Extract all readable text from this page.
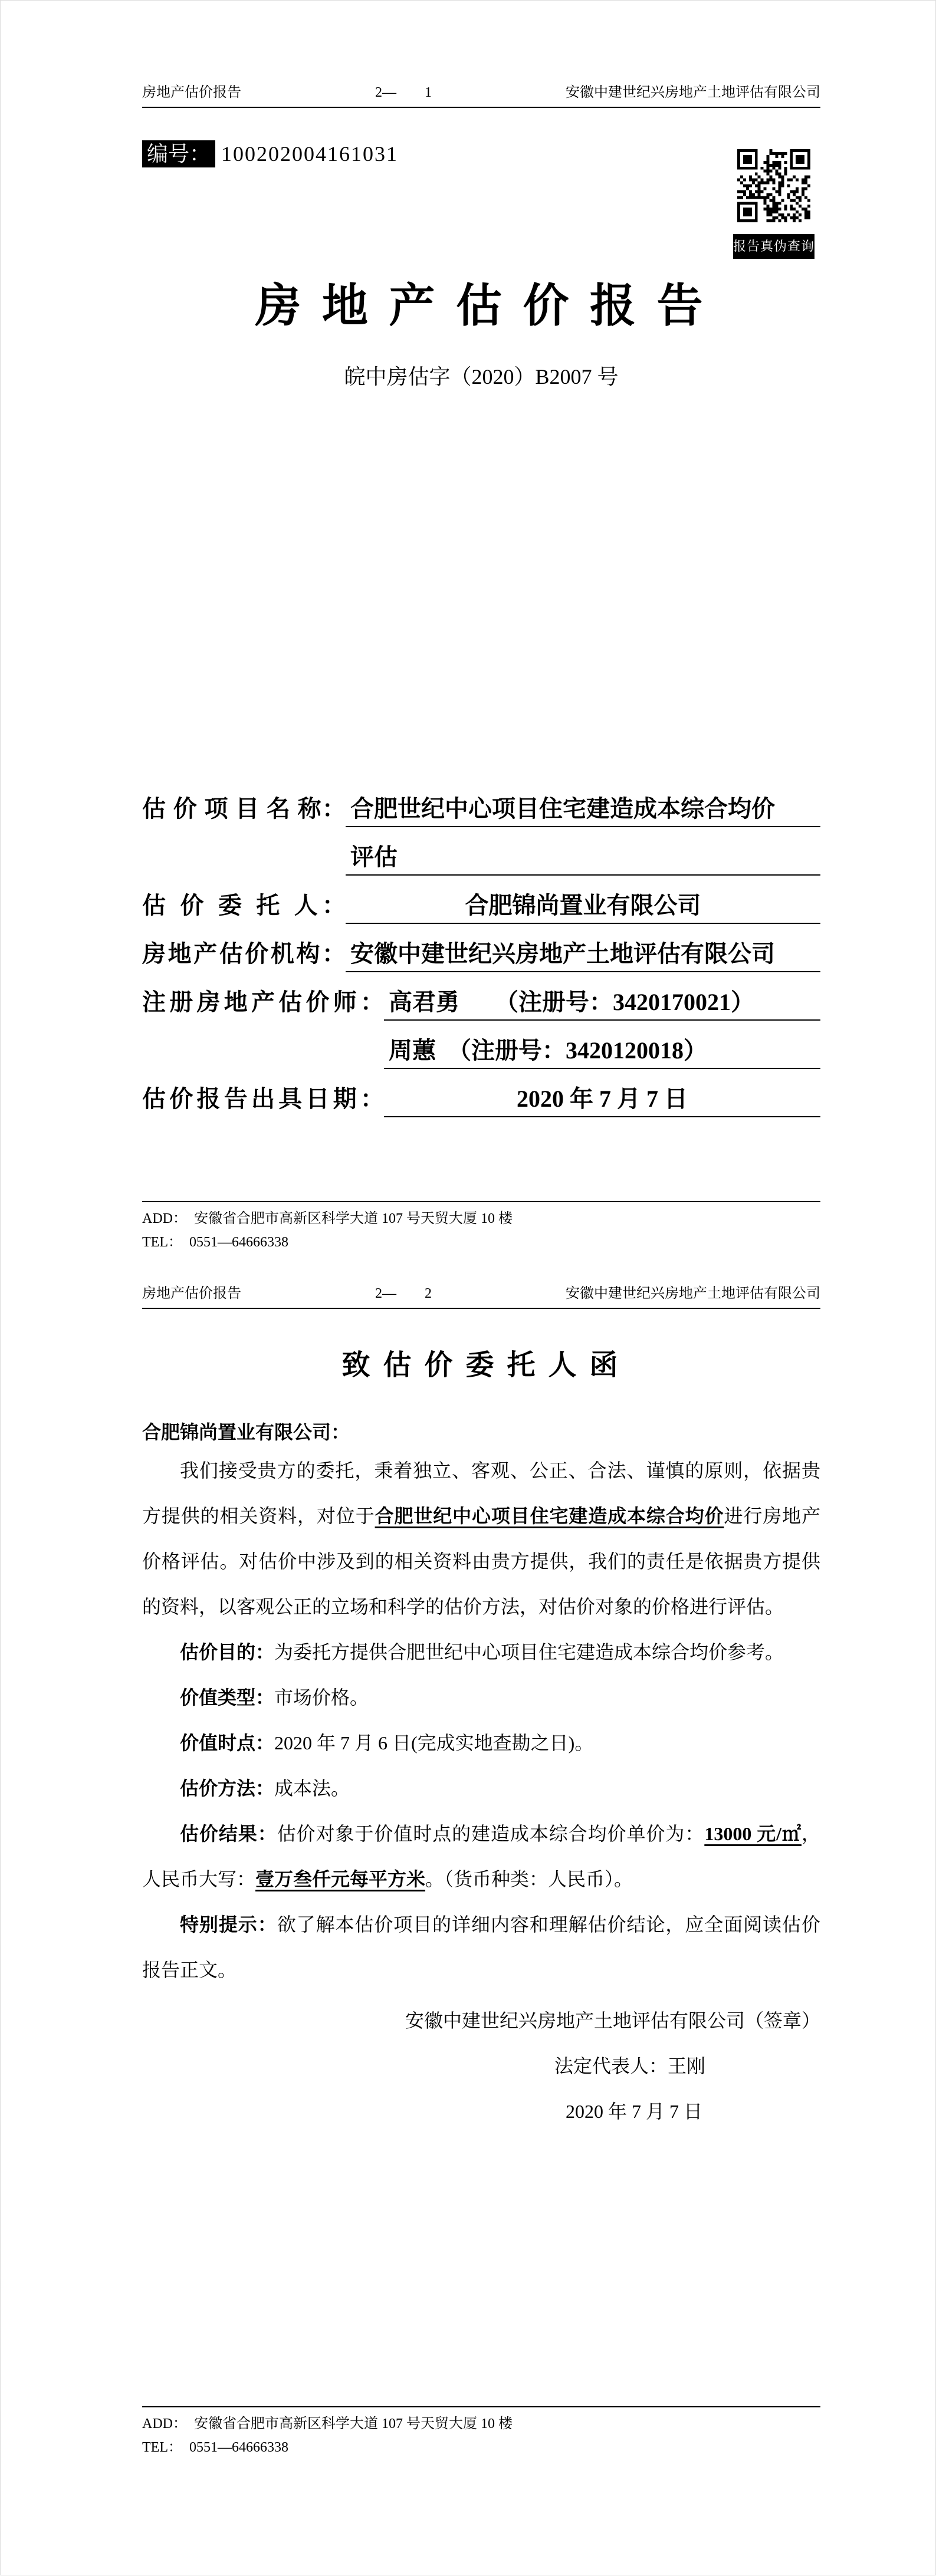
房地产估价报告	2—　　1	安徽中建世纪兴房地产土地评估有限公司
编号： 100202004161031
报告真伪查询
房 地 产 估 价 报 告
皖中房估字（2020）B2007 号
估 价 项 目 名 称： 合肥世纪中心项目住宅建造成本综合均价
评估
估 价 委 托 人：	合肥锦尚置业有限公司
房地产估价机构： 安徽中建世纪兴房地产土地评估有限公司
注册房地产估价师： 高君勇　　（注册号：3420170021）
周蕙　（注册号：3420120018）
估价报告出具日期：	2020 年 7 月 7 日
ADD：  安徽省合肥市高新区科学大道 107 号天贸大厦 10 楼
TEL：  0551—64666338
房地产估价报告	2—　　2	安徽中建世纪兴房地产土地评估有限公司
致 估 价 委 托 人 函
合肥锦尚置业有限公司：

我们接受贵方的委托，秉着独立、客观、公正、合法、谨慎的原则，依据贵方提供的相关资料，对位于合肥世纪中心项目住宅建造成本综合均价进行房地产价格评估。对估价中涉及到的相关资料由贵方提供，我们的责任是依据贵方提供的资料，以客观公正的立场和科学的估价方法，对估价对象的价格进行评估。

估价目的：为委托方提供合肥世纪中心项目住宅建造成本综合均价参考。

价值类型：市场价格。

价值时点：2020 年 7 月 6 日(完成实地查勘之日)。

估价方法：成本法。

估价结果：估价对象于价值时点的建造成本综合均价单价为：13000 元/㎡，人民币大写：壹万叁仟元每平方米。（货币种类：人民币）。

特别提示：欲了解本估价项目的详细内容和理解估价结论，应全面阅读估价报告正文。

安徽中建世纪兴房地产土地评估有限公司（签章）
法定代表人：王刚
2020 年 7 月 7 日
ADD：  安徽省合肥市高新区科学大道 107 号天贸大厦 10 楼
TEL：  0551—64666338
